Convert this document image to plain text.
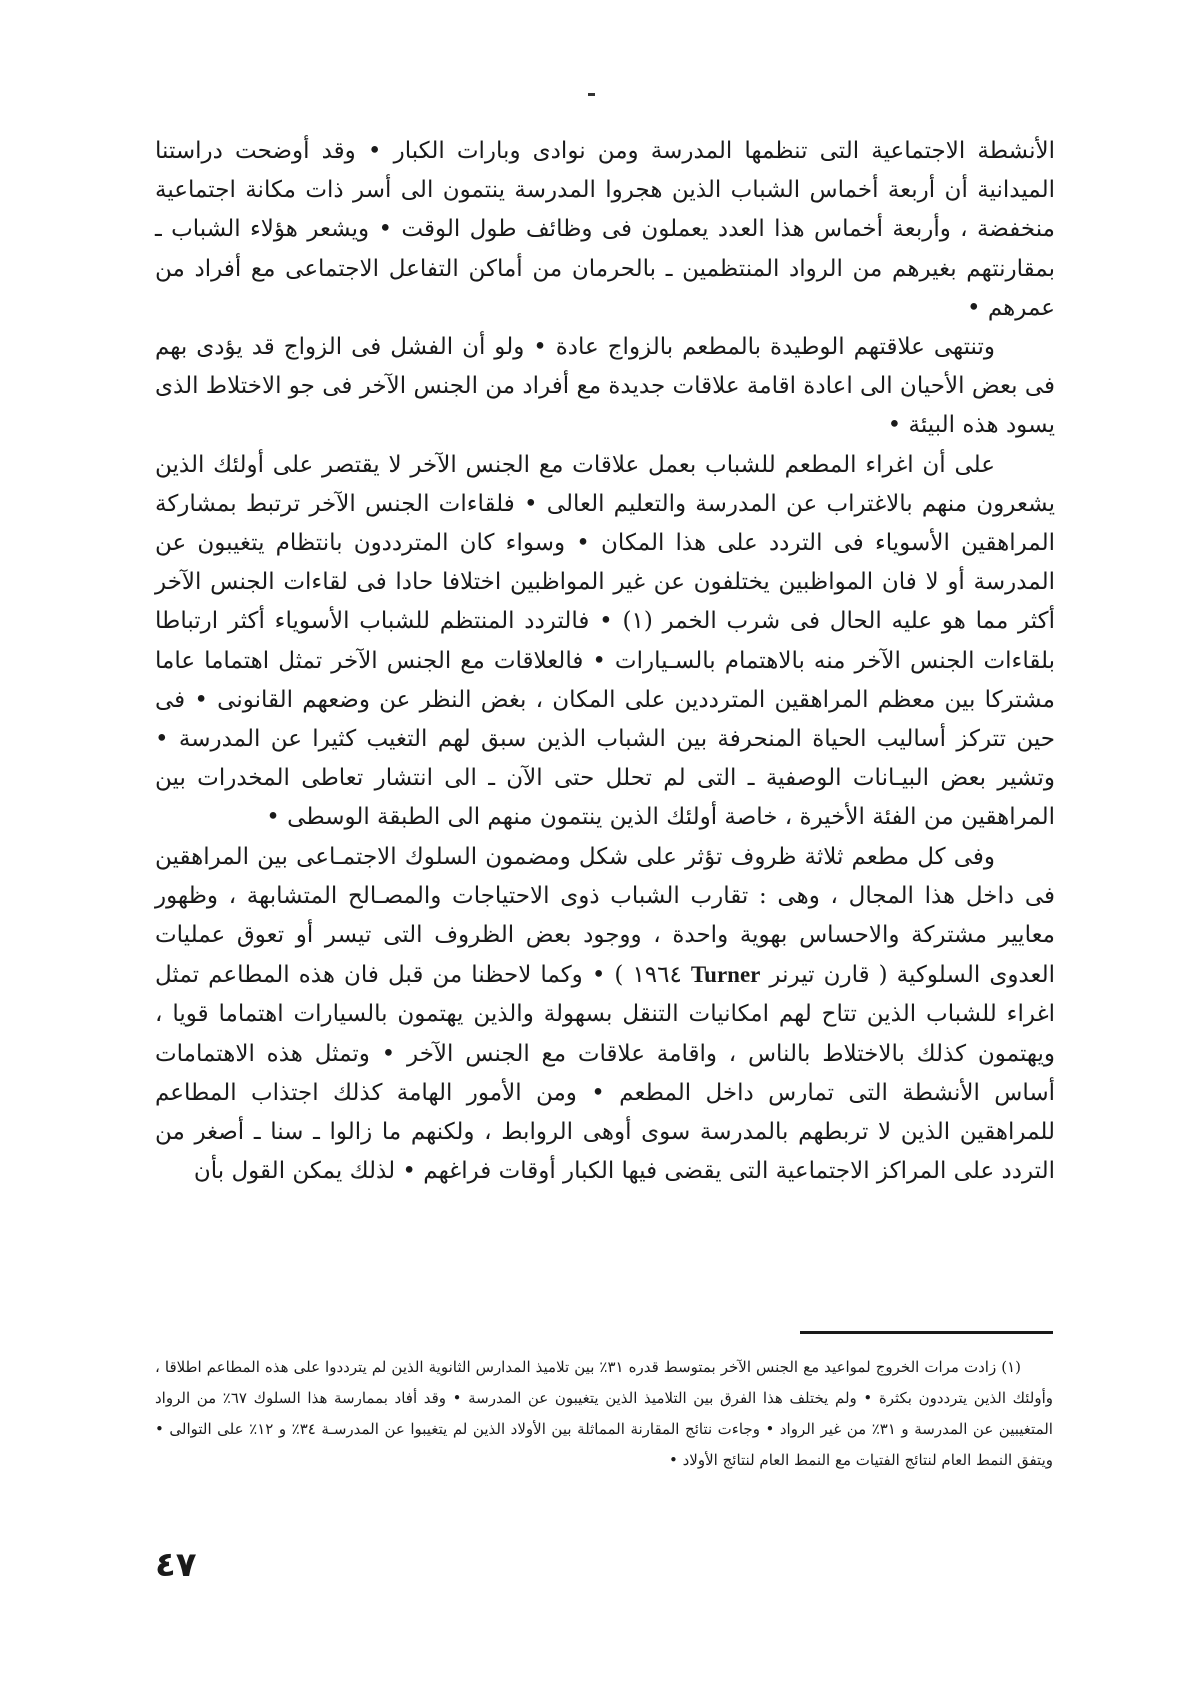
الأنشطة الاجتماعية التى تنظمها المدرسة ومن نوادى وبارات الكبار • وقد أوضحت دراستنا الميدانية أن أربعة أخماس الشباب الذين هجروا المدرسة ينتمون الى أسر ذات مكانة اجتماعية منخفضة ، وأربعة أخماس هذا العدد يعملون فى وظائف طول الوقت • ويشعر هؤلاء الشباب ـ بمقارنتهم بغيرهم من الرواد المنتظمين ـ بالحرمان من أماكن التفاعل الاجتماعى مع أفراد من عمرهم •

وتنتهى علاقتهم الوطيدة بالمطعم بالزواج عادة • ولو أن الفشل فى الزواج قد يؤدى بهم فى بعض الأحيان الى اعادة اقامة علاقات جديدة مع أفراد من الجنس الآخر فى جو الاختلاط الذى يسود هذه البيئة •

على أن اغراء المطعم للشباب بعمل علاقات مع الجنس الآخر لا يقتصر على أولئك الذين يشعرون منهم بالاغتراب عن المدرسة والتعليم العالى • فلقاءات الجنس الآخر ترتبط بمشاركة المراهقين الأسوياء فى التردد على هذا المكان • وسواء كان المترددون بانتظام يتغيبون عن المدرسة أو لا فان المواظبين يختلفون عن غير المواظبين اختلافا حادا فى لقاءات الجنس الآخر أكثر مما هو عليه الحال فى شرب الخمر (١) • فالتردد المنتظم للشباب الأسوياء أكثر ارتباطا بلقاءات الجنس الآخر منه بالاهتمام بالسـيارات • فالعلاقات مع الجنس الآخر تمثل اهتماما عاما مشتركا بين معظم المراهقين المترددين على المكان ، بغض النظر عن وضعهم القانونى • فى حين تتركز أساليب الحياة المنحرفة بين الشباب الذين سبق لهم التغيب كثيرا عن المدرسة • وتشير بعض البيـانات الوصفية ـ التى لم تحلل حتى الآن ـ الى انتشار تعاطى المخدرات بين المراهقين من الفئة الأخيرة ، خاصة أولئك الذين ينتمون منهم الى الطبقة الوسطى •

وفى كل مطعم ثلاثة ظروف تؤثر على شكل ومضمون السلوك الاجتمـاعى بين المراهقين فى داخل هذا المجال ، وهى : تقارب الشباب ذوى الاحتياجات والمصـالح المتشابهة ، وظهور معايير مشتركة والاحساس بهوية واحدة ، ووجود بعض الظروف التى تيسر أو تعوق عمليات العدوى السلوكية ( قارن تيرنر Turner ١٩٦٤ ) • وكما لاحظنا من قبل فان هذه المطاعم تمثل اغراء للشباب الذين تتاح لهم امكانيات التنقل بسهولة والذين يهتمون بالسيارات اهتماما قويا ، ويهتمون كذلك بالاختلاط بالناس ، واقامة علاقات مع الجنس الآخر • وتمثل هذه الاهتمامات أساس الأنشطة التى تمارس داخل المطعم • ومن الأمور الهامة كذلك اجتذاب المطاعم للمراهقين الذين لا تربطهم بالمدرسة سوى أوهى الروابط ، ولكنهم ما زالوا ـ سنا ـ أصغر من التردد على المراكز الاجتماعية التى يقضى فيها الكبار أوقات فراغهم • لذلك يمكن القول بأن

(١) زادت مرات الخروج لمواعيد مع الجنس الآخر بمتوسط قدره ٣١٪ بين تلاميذ المدارس الثانوية الذين لم يترددوا على هذه المطاعم اطلاقا ، وأولئك الذين يترددون بكثرة • ولم يختلف هذا الفرق بين التلاميذ الذين يتغيبون عن المدرسة • وقد أفاد بممارسة هذا السلوك ٦٧٪ من الرواد المتغيبين عن المدرسة و ٣١٪ من غير الرواد • وجاءت نتائج المقارنة المماثلة بين الأولاد الذين لم يتغيبوا عن المدرسـة ٣٤٪ و ١٢٪ على التوالى • ويتفق النمط العام لنتائج الفتيات مع النمط العام لنتائج الأولاد •

٤٧
